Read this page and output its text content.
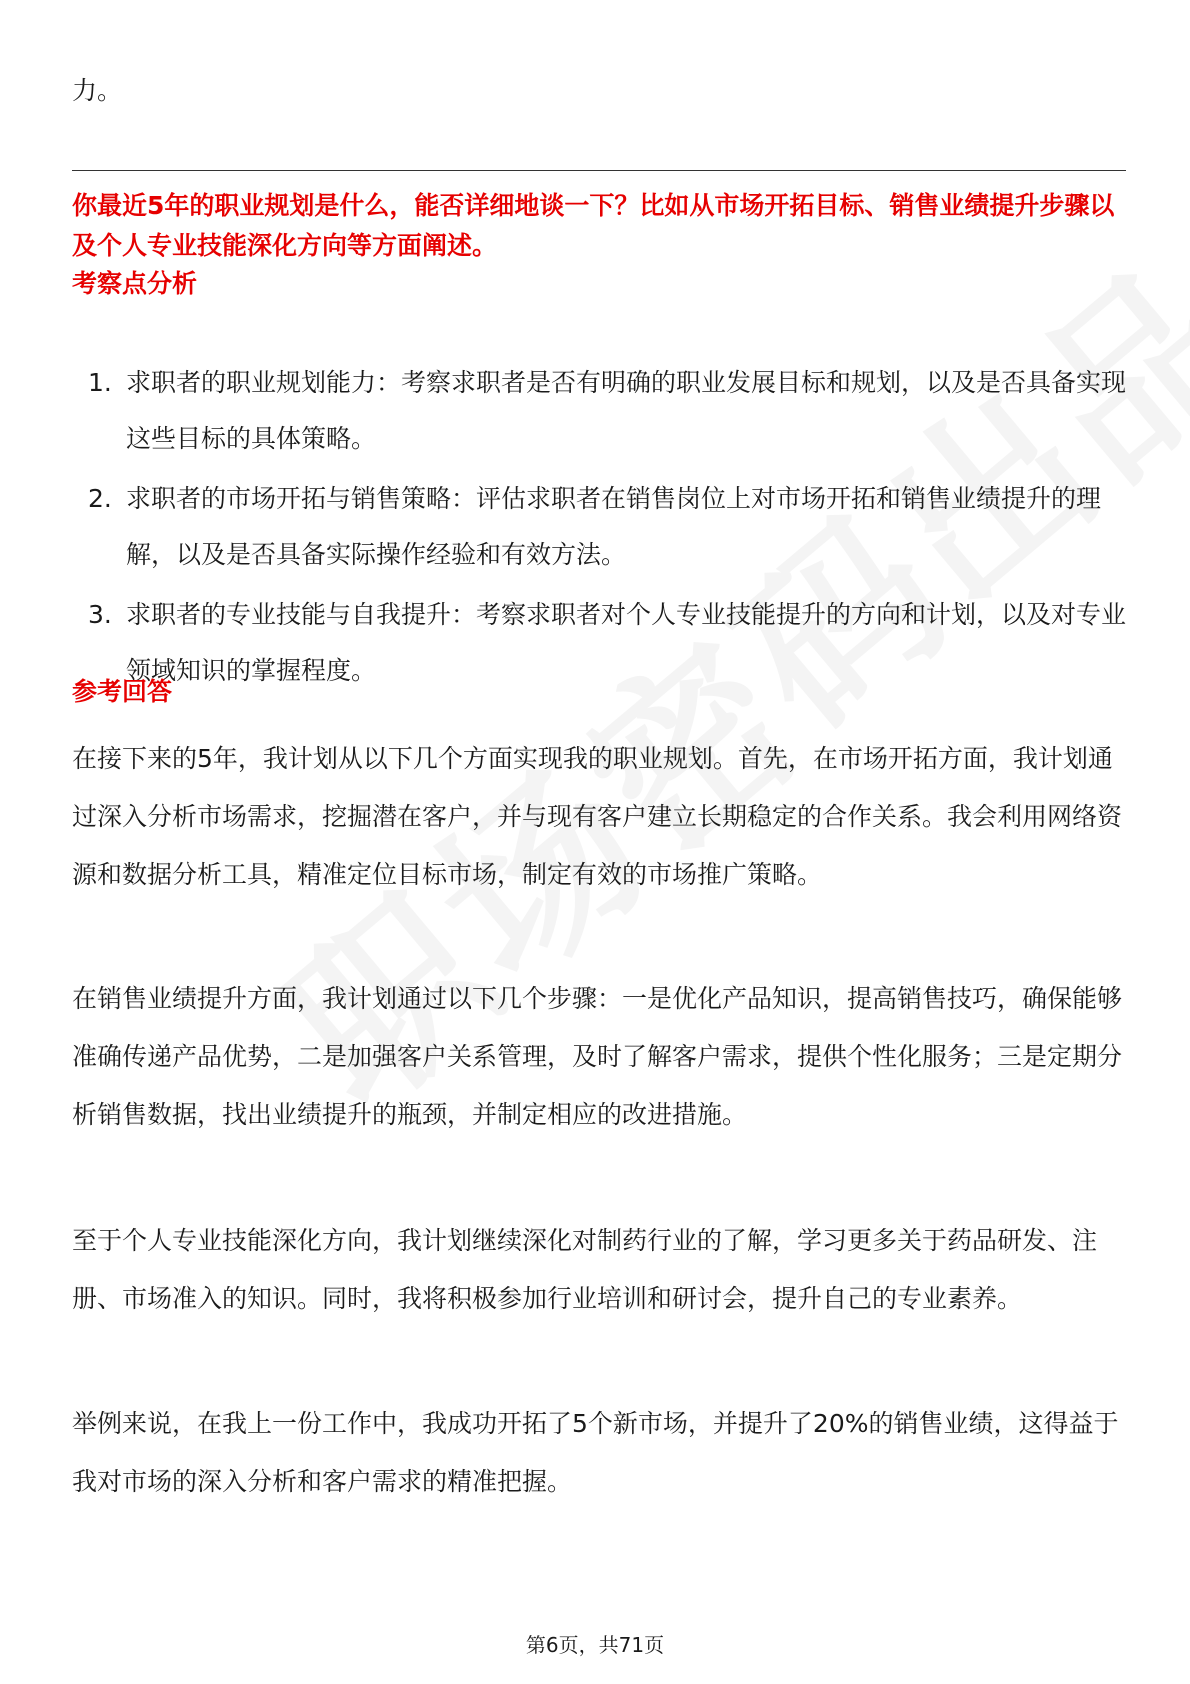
力。
你最近5年的职业规划是什么，能否详细地谈一下？比如从市场开拓目标、销售业绩提升步骤以及个人专业技能深化方向等方面阐述。
考察点分析
1. 求职者的职业规划能力：考察求职者是否有明确的职业发展目标和规划，以及是否具备实现这些目标的具体策略。
2. 求职者的市场开拓与销售策略：评估求职者在销售岗位上对市场开拓和销售业绩提升的理解，以及是否具备实际操作经验和有效方法。
3. 求职者的专业技能与自我提升：考察求职者对个人专业技能提升的方向和计划，以及对专业领域知识的掌握程度。
参考回答

在接下来的5年，我计划从以下几个方面实现我的职业规划。首先，在市场开拓方面，我计划通过深入分析市场需求，挖掘潜在客户，并与现有客户建立长期稳定的合作关系。我会利用网络资源和数据分析工具，精准定位目标市场，制定有效的市场推广策略。

在销售业绩提升方面，我计划通过以下几个步骤：一是优化产品知识，提高销售技巧，确保能够准确传递产品优势，二是加强客户关系管理，及时了解客户需求，提供个性化服务；三是定期分析销售数据，找出业绩提升的瓶颈，并制定相应的改进措施。

至于个人专业技能深化方向，我计划继续深化对制药行业的了解，学习更多关于药品研发、注册、市场准入的知识。同时，我将积极参加行业培训和研讨会，提升自己的专业素养。

举例来说，在我上一份工作中，我成功开拓了5个新市场，并提升了20%的销售业绩，这得益于我对市场的深入分析和客户需求的精准把握。

第6页，共71页
